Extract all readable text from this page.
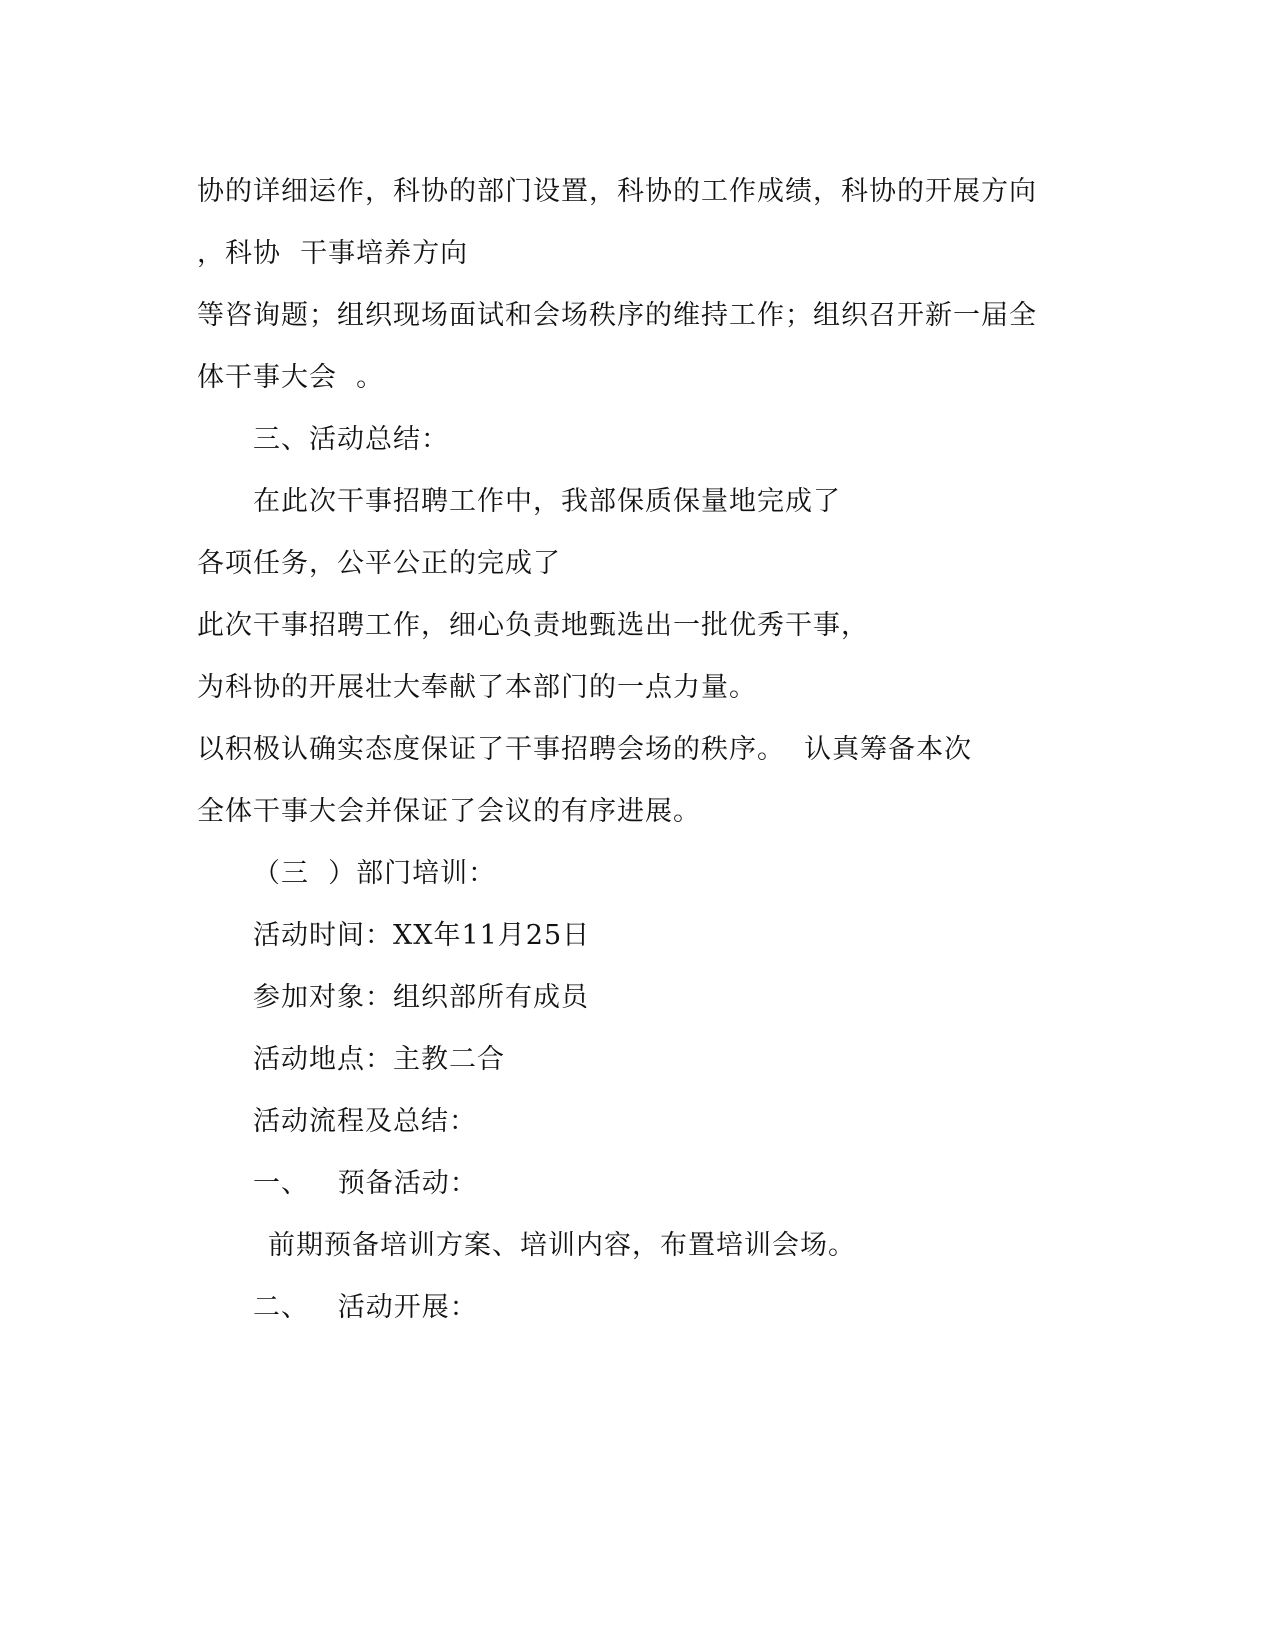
协的详细运作，科协的部门设置，科协的工作成绩，科协的开展方向
，科协  干事培养方向
等咨询题；组织现场面试和会场秩序的维持工作；组织召开新一届全
体干事大会  。
三、活动总结：
在此次干事招聘工作中，我部保质保量地完成了
各项任务，公平公正的完成了
此次干事招聘工作，细心负责地甄选出一批优秀干事，
为科协的开展壮大奉献了本部门的一点力量。
以积极认确实态度保证了干事招聘会场的秩序。  认真筹备本次
全体干事大会并保证了会议的有序进展。
（三  ）部门培训：
活动时间：XX年11月25日
参加对象：组织部所有成员
活动地点：主教二合
活动流程及总结：
一、   预备活动：
前期预备培训方案、培训内容，布置培训会场。
二、   活动开展：
